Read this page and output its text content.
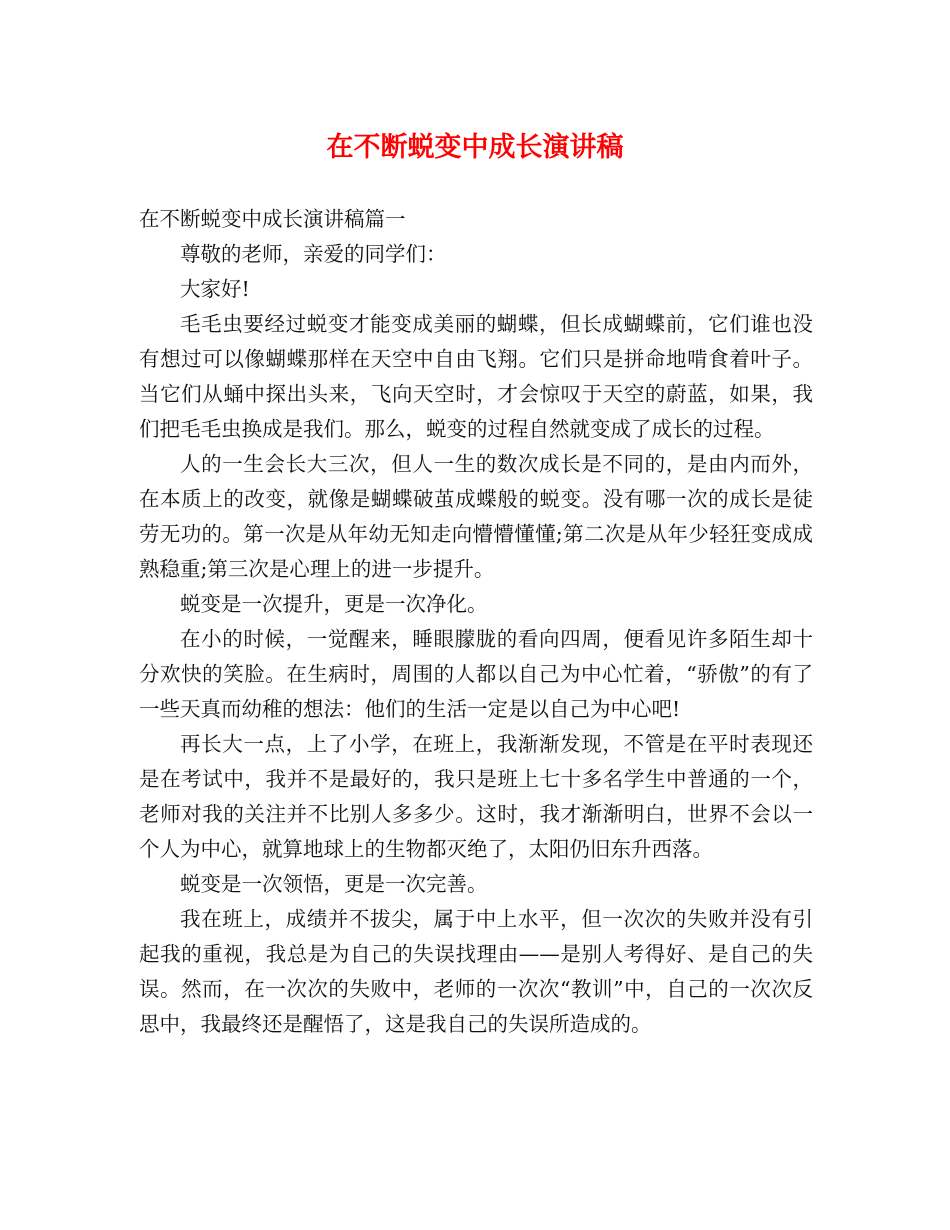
在不断蜕变中成长演讲稿

在不断蜕变中成长演讲稿篇一

尊敬的老师，亲爱的同学们：

大家好!

毛毛虫要经过蜕变才能变成美丽的蝴蝶，但长成蝴蝶前，它们谁也没有想过可以像蝴蝶那样在天空中自由飞翔。它们只是拼命地啃食着叶子。当它们从蛹中探出头来，飞向天空时，才会惊叹于天空的蔚蓝，如果，我们把毛毛虫换成是我们。那么，蜕变的过程自然就变成了成长的过程。

人的一生会长大三次，但人一生的数次成长是不同的，是由内而外，在本质上的改变，就像是蝴蝶破茧成蝶般的蜕变。没有哪一次的成长是徒劳无功的。第一次是从年幼无知走向懵懵懂懂;第二次是从年少轻狂变成成熟稳重;第三次是心理上的进一步提升。

蜕变是一次提升，更是一次净化。

在小的时候，一觉醒来，睡眼朦胧的看向四周，便看见许多陌生却十分欢快的笑脸。在生病时，周围的人都以自己为中心忙着，“骄傲”的有了一些天真而幼稚的想法：他们的生活一定是以自己为中心吧!

再长大一点，上了小学，在班上，我渐渐发现，不管是在平时表现还是在考试中，我并不是最好的，我只是班上七十多名学生中普通的一个，老师对我的关注并不比别人多多少。这时，我才渐渐明白，世界不会以一个人为中心，就算地球上的生物都灭绝了，太阳仍旧东升西落。

蜕变是一次领悟，更是一次完善。

我在班上，成绩并不拔尖，属于中上水平，但一次次的失败并没有引起我的重视，我总是为自己的失误找理由——是别人考得好、是自己的失误。然而，在一次次的失败中，老师的一次次“教训”中，自己的一次次反思中，我最终还是醒悟了，这是我自己的失误所造成的。
